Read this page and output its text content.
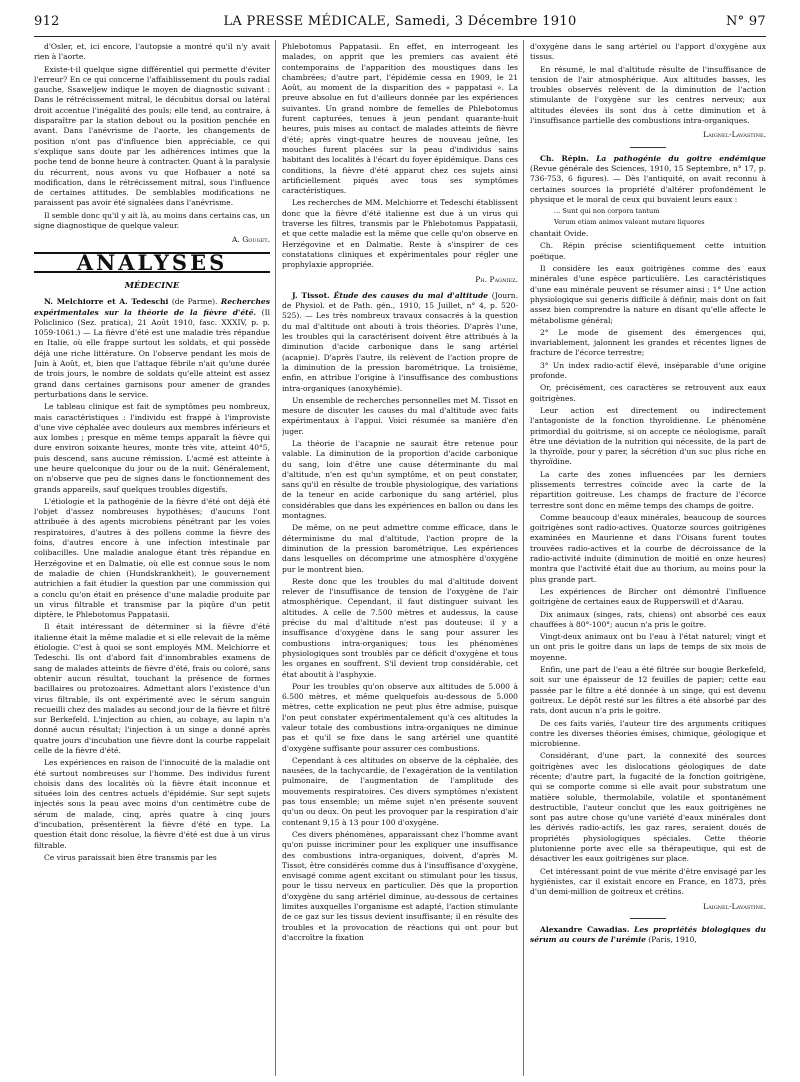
912	LA PRESSE MÉDICALE, Samedi, 3 Décembre 1910	N° 97

d'Osler, et, ici encore, l'autopsie a montré qu'il n'y avait rien à l'aorte.

Existe-t-il quelque signe différentiel qui permette d'éviter l'erreur? En ce qui concerne l'affaiblissement du pouls radial gauche, Ssaweljew indique le moyen de diagnostic suivant : Dans le rétrécissement mitral, le décubitus dorsal ou latéral droit accentue l'inégalité des pouls; elle tend, au contraire, à disparaître par la station debout ou la position penchée en avant. Dans l'anévrisme de l'aorte, les changements de position n'ont pas d'influence bien appréciable, ce qui s'explique sans doute par les adhérences intimes que la poche tend de bonne heure à contracter. Quant à la paralysie du récurrent, nous avons vu que Hofbauer a noté sa modification, dans le rétrécissement mitral, sous l'influence de certaines attitudes. De semblables modifications ne paraissent pas avoir été signalées dans l'anévrisme.

Il semble donc qu'il y ait là, au moins dans certains cas, un signe diagnostique de quelque valeur.

A. Gouget.

ANALYSES
MÉDECINE

N. Melchiorre et A. Tedeschi (de Parme). Recherches expérimentales sur la théorie de la fièvre d'été. (Il Policlinico (Sez. pratica), 21 Août 1910, fasc. XXXIV, p. p. 1059-1061.) — La fièvre d'été est une maladie très répandue en Italie, où elle frappe surtout les soldats, et qui possède déjà une riche littérature. On l'observe pendant les mois de Juin à Août, et, bien que l'attaque fébrile n'ait qu'une durée de trois jours, le nombre de soldats qu'elle atteint est assez grand dans certaines garnisons pour amener de grandes perturbations dans le service.

Le tableau clinique est fait de symptômes peu nombreux, mais caractéristiques : l'individu est frappé à l'improviste d'une vive céphalée avec douleurs aux membres inférieurs et aux lombes ; presque en même temps apparaît la fièvre qui dure environ soixante heures, monte très vite, atteint 40°5, puis descend, sans aucune rémission. L'acmé est atteinte à une heure quelconque du jour ou de la nuit. Généralement, on n'observe que peu de signes dans le fonctionnement des grands appareils, sauf quelques troubles digestifs.

L'étiologie et la pathogénie de la fièvre d'été ont déjà été l'objet d'assez nombreuses hypothèses; d'aucuns l'ont attribuée à des agents microbiens pénétrant par les voies respiratoires, d'autres à des pollens comme la fièvre des foins, d'autres encore à une infection intestinale par colibacilles. Une maladie analogue étant très répandue en Herzégovine et en Dalmatie, où elle est connue sous le nom de maladie de chien (Hundskrankheit), le gouvernement autrichien a fait étudier la question par une commission qui a conclu qu'on était en présence d'une maladie produite par un virus filtrable et transmise par la piqûre d'un petit diptère, le Phlebotomus Pappatasii.

Il était intéressant de déterminer si la fièvre d'été italienne était la même maladie et si elle relevait de la même étiologie. C'est à quoi se sont employés MM. Melchiorre et Tedeschi. Ils ont d'abord fait d'innombrables examens de sang de malades atteints de fièvre d'été, frais ou coloré, sans obtenir aucun résultat, touchant la présence de formes bacillaires ou protozoaires. Admettant alors l'existence d'un virus filtrable, ils ont expérimenté avec le sérum sanguin recueilli chez des malades au second jour de la fièvre et filtré sur Berkefeld. L'injection au chien, au cobaye, au lapin n'a donné aucun résultat; l'injection à un singe a donné après quatre jours d'incubation une fièvre dont la courbe rappelait celle de la fièvre d'été.

Les expériences en raison de l'innocuité de la maladie ont été surtout nombreuses sur l'homme. Des individus furent choisis dans des localités où la fièvre était inconnue et situées loin des centres actuels d'épidémie. Sur sept sujets injectés sous la peau avec moins d'un centimètre cube de sérum de malade, cinq, après quatre à cinq jours d'incubation, présentèrent la fièvre d'été en type. La question était donc résolue, la fièvre d'été est due à un virus filtrable.

Ce virus paraissait bien être transmis par les

Phlebotomus Pappatasii. En effet, en interrogeant les malades, on apprit que les premiers cas avaient été contemporains de l'apparition des moustiques dans les chambrées; d'autre part, l'épidémie cessa en 1909, le 21 Août, au moment de la disparition des « pappatasi ». La preuve absolue en fut d'ailleurs donnée par les expériences suivantes. Un grand nombre de femelles de Phlebotomus furent capturées, tenues à jeun pendant quarante-huit heures, puis mises au contact de malades atteints de fièvre d'été; après vingt-quatre heures de nouveau jeûne, les mouches furent placées sur la peau d'individus sains habitant des localités à l'écart du foyer épidémique. Dans ces conditions, la fièvre d'été apparut chez ces sujets ainsi artificiellement piqués avec tous ses symptômes caractéristiques.

Les recherches de MM. Melchiorre et Tedeschi établissent donc que la fièvre d'été italienne est due à un virus qui traverse les filtres, transmis par le Phlebotomus Pappatasii, et que cette maladie est la même que celle qu'on observe en Herzégovine et en Dalmatie. Reste à s'inspirer de ces constatations cliniques et expérimentales pour régler une prophylaxie appropriée.

Ph. Pagniez.

J. Tissot. Étude des causes du mal d'altitude (Journ. de Physiol. et de Path. gén., 1910, 15 Juillet, n° 4, p. 520-525). — Les très nombreux travaux consacrés à la question du mal d'altitude ont abouti à trois théories. D'après l'une, les troubles qui la caractérisent doivent être attribués à la diminution d'acide carbonique dans le sang artériel (acapnie). D'après l'autre, ils relèvent de l'action propre de la diminution de la pression barométrique. La troisième, enfin, en attribue l'origine à l'insuffisance des combustions intra-organiques (anoxyhémie).

Un ensemble de recherches personnelles met M. Tissot en mesure de discuter les causes du mal d'altitude avec faits expérimentaux à l'appui. Voici résumée sa manière d'en juger.

La théorie de l'acapnie ne saurait être retenue pour valable. La diminution de la proportion d'acide carbonique du sang, loin d'être une cause déterminante du mal d'altitude, n'en est qu'un symptôme, et on peut constater, sans qu'il en résulte de trouble physiologique, des variations de la teneur en acide carbonique du sang artériel, plus considérables que dans les expériences en ballon ou dans les montagnes.

De même, on ne peut admettre comme efficace, dans le déterminisme du mal d'altitude, l'action propre de la diminution de la pression barométrique. Les expériences dans lesquelles on décomprime une atmosphère d'oxygène pur le montrent bien.

Reste donc que les troubles du mal d'altitude doivent relever de l'insuffisance de tension de l'oxygène de l'air atmosphérique. Cependant, il faut distinguer suivant les altitudes. A celle de 7.500 mètres et audessus, la cause précise du mal d'altitude n'est pas douteuse: il y a insuffisance d'oxygène dans le sang pour assurer les combustions intra-organiques; tous les phénomènes physiologiques sont troublés par ce déficit d'oxygène et tous les organes en souffrent. S'il devient trop considérable, cet état aboutit à l'asphyxie.

Pour les troubles qu'on observe aux altitudes de 5.000 à 6.500 mètres, et même quelquefois au-dessous de 5.000 mètres, cette explication ne peut plus être admise, puisque l'on peut constater expérimentalement qu'à ces altitudes la valeur totale des combustions intra-organiques ne diminue pas et qu'il se fixe dans le sang artériel une quantité d'oxygène suffisante pour assurer ces combustions.

Cependant à ces altitudes on observe de la céphalée, des nausées, de la tachycardie, de l'exagération de la ventilation pulmonaire, de l'augmentation de l'amplitude des mouvements respiratoires. Ces divers symptômes n'existent pas tous ensemble; un même sujet n'en présente souvent qu'un ou deux. On peut les provoquer par la respiration d'air contenant 9,15 à 13 pour 100 d'oxygène.

Ces divers phénomènes, apparaissant chez l'homme avant qu'on puisse incriminer pour les expliquer une insuffisance des combustions intra-organiques, doivent, d'après M. Tissot, être considérés comme dus à l'insuffisance d'oxygène, envisagé comme agent excitant ou stimulant pour les tissus, pour le tissu nerveux en particulier. Dès que la proportion d'oxygène du sang artériel diminue, au-dessous de certaines limites auxquelles l'organisme est adapté, l'action stimulante de ce gaz sur les tissus devient insuffisante; il en résulte des troubles et la provocation de réactions qui ont pour but d'accroître la fixation

d'oxygène dans le sang artériel ou l'apport d'oxygène aux tissus.

En résumé, le mal d'altitude résulte de l'insuffisance de tension de l'air atmosphérique. Aux altitudes basses, les troubles observés relèvent de la diminution de l'action stimulante de l'oxygène sur les centres nerveux; aux altitudes élevées ils sont dus à cette diminution et à l'insuffisance partielle des combustions intra-organiques.

Laignel-Lavastine.

Ch. Répin. La pathogénie du goitre endémique (Revue générale des Sciences, 1910, 15 Septembre, n° 17, p. 736-753, 6 figures). — Dès l'antiquité, on avait reconnu à certaines sources la propriété d'altérer profondément le physique et le moral de ceux qui buvaient leurs eaux :

... Sunt qui non corpora tantum

Verum etiam animos valeant mutare liquores

chantait Ovide.

Ch. Répin précise scientifiquement cette intuition poétique.

Il considère les eaux goitrigènes comme des eaux minérales d'une espèce particulière. Les caractéristiques d'une eau minérale peuvent se résumer ainsi : 1° Une action physiologique sui generis difficile à définir, mais dont on fait assez bien comprendre la nature en disant qu'elle affecte le métabolisme général;

2° Le mode de gisement des émergences qui, invariablement, jalonnent les grandes et récentes lignes de fracture de l'écorce terrestre;

3° Un index radio-actif élevé, inséparable d'une origine profonde.

Or, précisément, ces caractères se retrouvent aux eaux goitrigènes.

Leur action est directement ou indirectement l'antagoniste de la fonction thyroïdienne. Le phénomène primordial du goitrisme, si on accepte ce néologisme, paraît être une déviation de la nutrition qui nécessite, de la part de la thyroïde, pour y parer, la sécrétion d'un suc plus riche en thyroïdine.

La carte des zones influencées par les derniers plissements terrestres coïncide avec la carte de la répartition goitreuse. Les champs de fracture de l'écorce terrestre sont donc en même temps des champs de goitre.

Comme beaucoup d'eaux minérales, beaucoup de sources goitrigènes sont radio-actives. Quatorze sources goitrigènes examinées en Maurienne et dans l'Oisans furent toutes trouvées radio-actives et la courbe de décroissance de la radio-activité induite (diminution de moitié en onze heures) montra que l'activité était due au thorium, au moins pour la plus grande part.

Les expériences de Bircher ont démontré l'influence goitrigène de certaines eaux de Rupperswill et d'Aarau.

Dix animaux (singes, rats, chiens) ont absorbé ces eaux chauffées à 80°-100°; aucun n'a pris le goitre.

Vingt-deux animaux ont bu l'eau à l'état naturel; vingt et un ont pris le goitre dans un laps de temps de six mois de moyenne.

Enfin, une part de l'eau a été filtrée sur bougie Berkefeld, soit sur une épaisseur de 12 feuilles de papier; cette eau passée par le filtre a été donnée à un singe, qui est devenu goitreux. Le dépôt resté sur les filtres a été absorbé par des rats, dont aucun n'a pris le goitre.

De ces faits variés, l'auteur tire des arguments critiques contre les diverses théories émises, chimique, géologique et microbienne.

Considérant, d'une part, la connexité des sources goitrigènes avec les dislocations géologiques de date récente; d'autre part, la fugacité de la fonction goitrigène, qui se comporte comme si elle avait pour substratum une matière soluble, thermolabile, volatile et spontanément destructible, l'auteur conclut que les eaux goitrigènes ne sont pas autre chose qu'une variété d'eaux minérales dont les dérivés radio-actifs, les gaz rares, seraient doués de propriétés physiologiques spéciales. Cette théorie plutonienne porte avec elle sa thérapeutique, qui est de désactiver les eaux goitrigènes sur place.

Cet intéressant point de vue mérite d'être envisagé par les hygiénistes, car il existait encore en France, en 1873, près d'un demi-million de goitreux et crétins.

Laignel-Lavastine.

Alexandre Cawadias. Les propriétés biologiques du sérum au cours de l'urémie (Paris, 1910,
